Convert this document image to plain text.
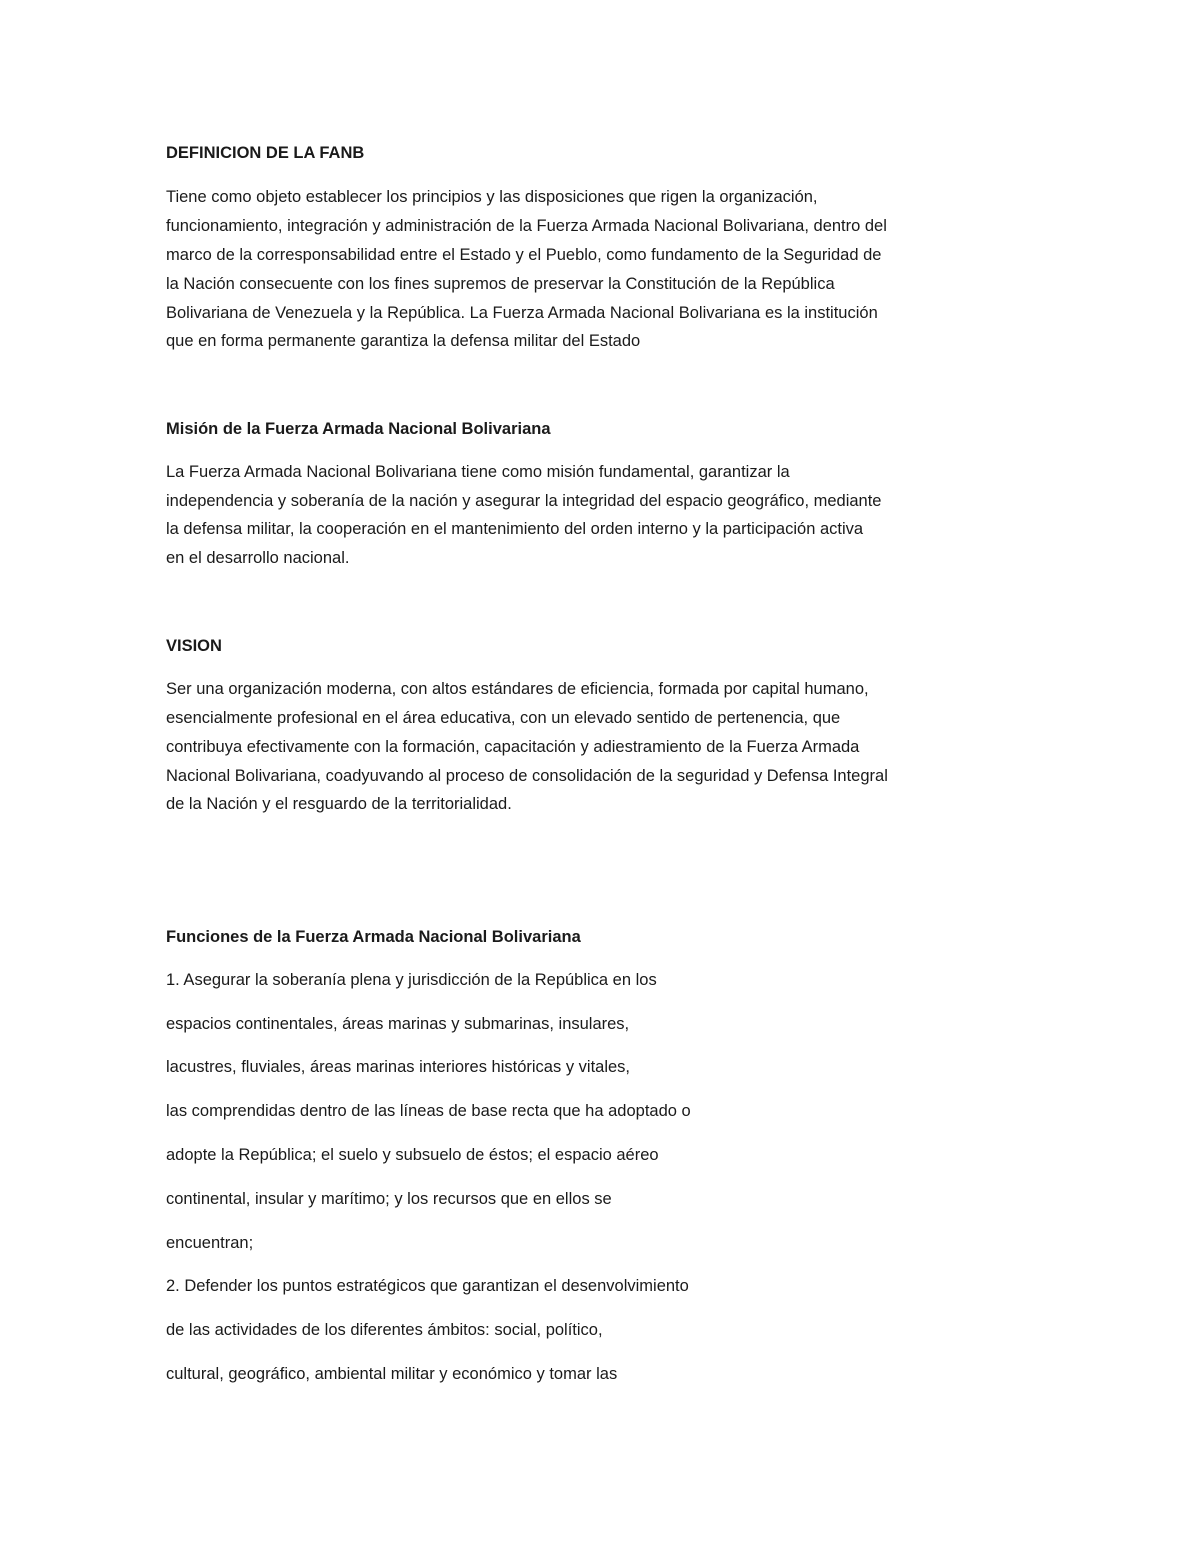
DEFINICION DE LA FANB

Tiene como objeto establecer los principios y las disposiciones que rigen la organización,

funcionamiento, integración y administración de la Fuerza Armada Nacional Bolivariana, dentro del

marco de la corresponsabilidad entre el Estado y el Pueblo, como fundamento de la Seguridad de

la Nación consecuente con los fines supremos de preservar la Constitución de la República

Bolivariana de Venezuela y la República. La Fuerza Armada Nacional Bolivariana es la institución

que en forma permanente garantiza la defensa militar del Estado

Misión de la Fuerza Armada Nacional Bolivariana

La Fuerza Armada Nacional Bolivariana tiene como misión fundamental, garantizar la

independencia y soberanía de la nación y asegurar la integridad del espacio geográfico, mediante

la defensa militar, la cooperación en el mantenimiento del orden interno y la participación activa

en el desarrollo nacional.

VISION

Ser una organización moderna, con altos estándares de eficiencia, formada por capital humano,

esencialmente profesional en el área educativa, con un elevado sentido de pertenencia, que

contribuya efectivamente con la formación, capacitación y adiestramiento de la Fuerza Armada

Nacional Bolivariana, coadyuvando al proceso de consolidación de la seguridad y Defensa Integral

de la Nación y el resguardo de la territorialidad.

Funciones de la Fuerza Armada Nacional Bolivariana

1. Asegurar la soberanía plena y jurisdicción de la República en los

espacios continentales, áreas marinas y submarinas, insulares,

lacustres, fluviales, áreas marinas interiores históricas y vitales,

las comprendidas dentro de las líneas de base recta que ha adoptado o

adopte la República; el suelo y subsuelo de éstos; el espacio aéreo

continental, insular y marítimo; y los recursos que en ellos se

encuentran;

2. Defender los puntos estratégicos que garantizan el desenvolvimiento

de las actividades de los diferentes ámbitos: social, político,

cultural, geográfico, ambiental militar y económico y tomar las
